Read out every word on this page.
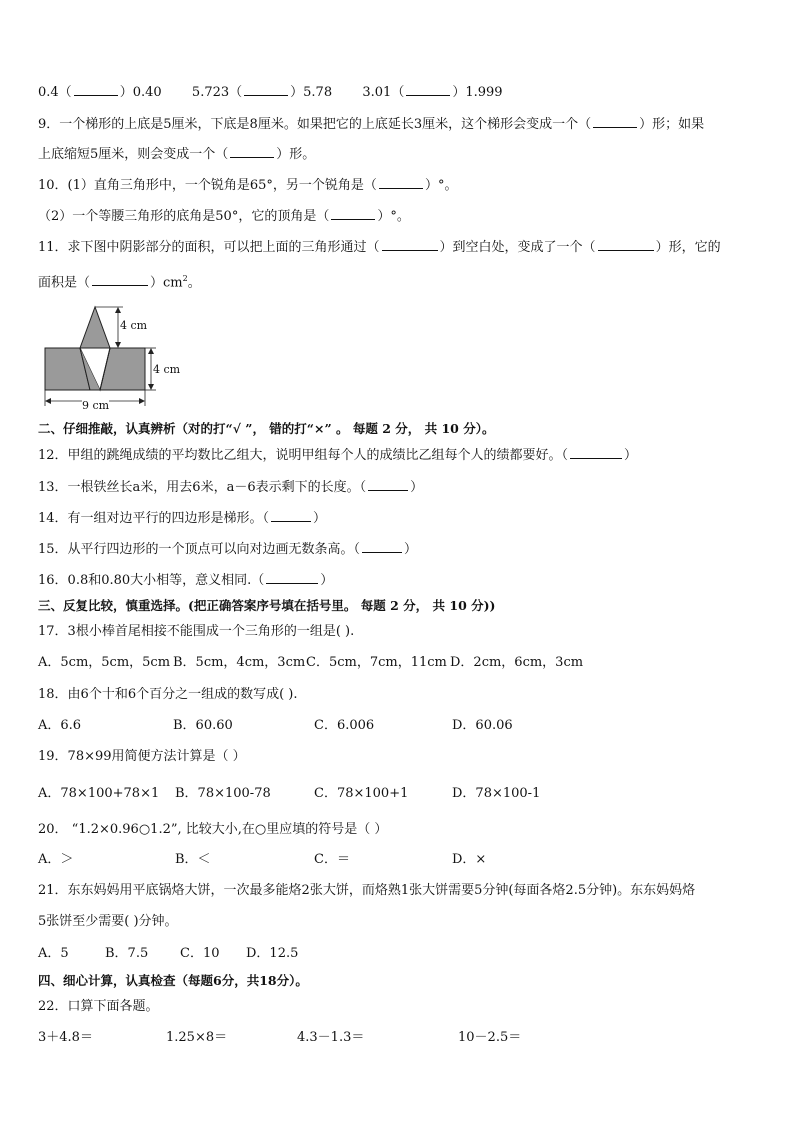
0.4（	）0.40 5.723（	）5.78 3.01（	）1.999
9．一个梯形的上底是5厘米，下底是8厘米。如果把它的上底延长3厘米，这个梯形会变成一个（	）形；如果
上底缩短5厘米，则会变成一个（	）形。
10．(1）直角三角形中，一个锐角是65°，另一个锐角是（	）°。
（2）一个等腰三角形的底角是50°，它的顶角是（	）°。
11．求下图中阴影部分的面积，可以把上面的三角形通过（	）到空白处，变成了一个（	）形，它的
面积是（	）$cm^2$。
4 cm
4 cm
9 cm
二、仔细推敲，认真辨析（对的打“√ ”， 错的打“×” 。 每题 2 分， 共 10 分）。
12．甲组的跳绳成绩的平均数比乙组大，说明甲组每个人的成绩比乙组每个人的绩都要好。（	）
13．一根铁丝长a米，用去6米，a－6表示剩下的长度。（	）
14．有一组对边平行的四边形是梯形。（	）
15．从平行四边形的一个顶点可以向对边画无数条高。（	）
16．0.8和0.80大小相等，意义相同.（	）
三、反复比较，慎重选择。(把正确答案序号填在括号里。 每题 2 分， 共 10 分))
17．3根小棒首尾相接不能围成一个三角形的一组是( ).
A．5cm，5cm，5cm B．5cm，4cm，3cm C．5cm，7cm，11cm D．2cm，6cm，3cm
18．由6个十和6个百分之一组成的数写成( ).
A．6.6	B．60.60	C．6.006	D．60.06
19．78×99用简便方法计算是（ ）
A．78×100+78×1 B．78×100-78	C．78×100+1	D．78×100-1
20． “1.2×0.96○1.2”, 比较大小,在○里应填的符号是（ ）
A．＞	B．＜	C．＝	D．×
21．东东妈妈用平底锅烙大饼，一次最多能烙2张大饼，而烙熟1张大饼需要5分钟(每面各烙2.5分钟)。东东妈妈烙
5张饼至少需要( )分钟。
A．5	B．7.5 C．10 D．12.5
四、细心计算，认真检查（每题6分，共18分）。
22．口算下面各题。
3＋4.8＝	1.25×8＝	4.3－1.3＝	10－2.5＝
